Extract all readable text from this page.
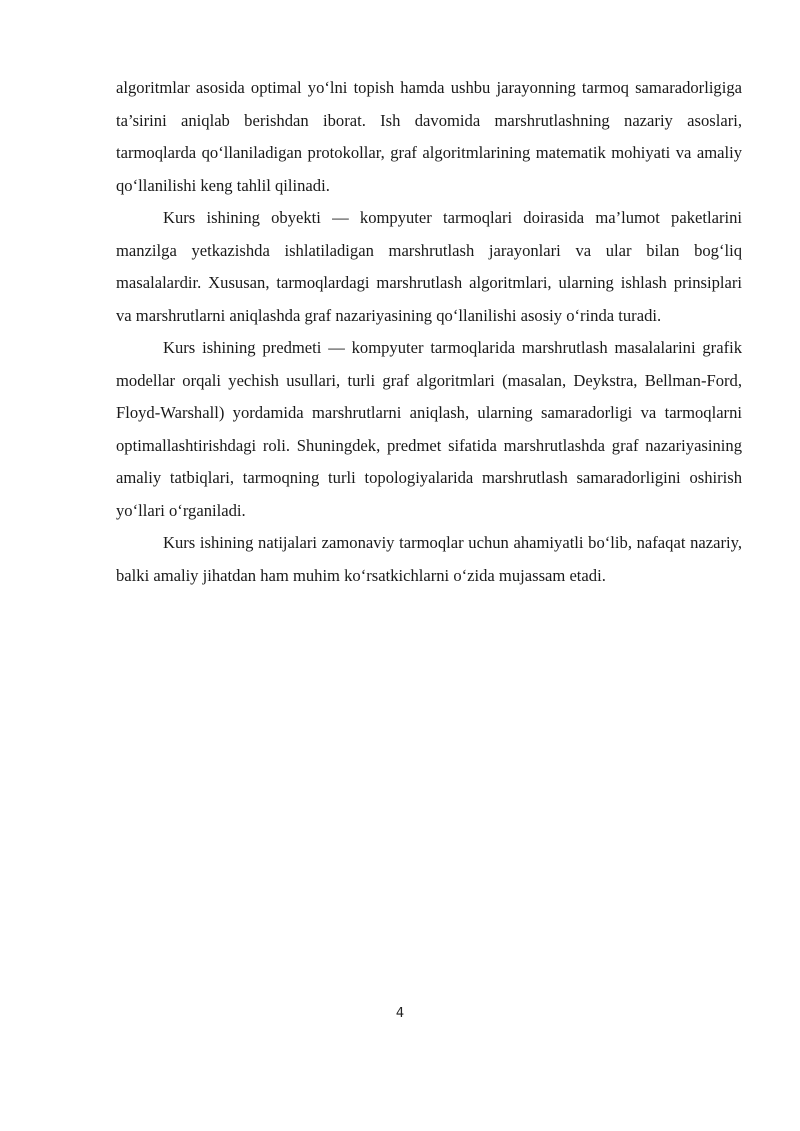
algoritmlar asosida optimal yo‘lni topish hamda ushbu jarayonning tarmoq samaradorligiga ta’sirini aniqlab berishdan iborat. Ish davomida marshrutlashning nazariy asoslari, tarmoqlarda qo‘llaniladigan protokollar, graf algoritmlarining matematik mohiyati va amaliy qo‘llanilishi keng tahlil qilinadi.

Kurs ishining obyekti — kompyuter tarmoqlari doirasida ma’lumot paketlarini manzilga yetkazishda ishlatiladigan marshrutlash jarayonlari va ular bilan bog‘liq masalalardir. Xususan, tarmoqlardagi marshrutlash algoritmlari, ularning ishlash prinsiplari va marshrutlarni aniqlashda graf nazariyasining qo‘llanilishi asosiy o‘rinda turadi.

Kurs ishining predmeti — kompyuter tarmoqlarida marshrutlash masalalarini grafik modellar orqali yechish usullari, turli graf algoritmlari (masalan, Deykstra, Bellman-Ford, Floyd-Warshall) yordamida marshrutlarni aniqlash, ularning samaradorligi va tarmoqlarni optimallashtirishdagi roli. Shuningdek, predmet sifatida marshrutlashda graf nazariyasining amaliy tatbiqlari, tarmoqning turli topologiyalarida marshrutlash samaradorligini oshirish yo‘llari o‘rganiladi.

Kurs ishining natijalari zamonaviy tarmoqlar uchun ahamiyatli bo‘lib, nafaqat nazariy, balki amaliy jihatdan ham muhim ko‘rsatkichlarni o‘zida mujassam etadi.

4
